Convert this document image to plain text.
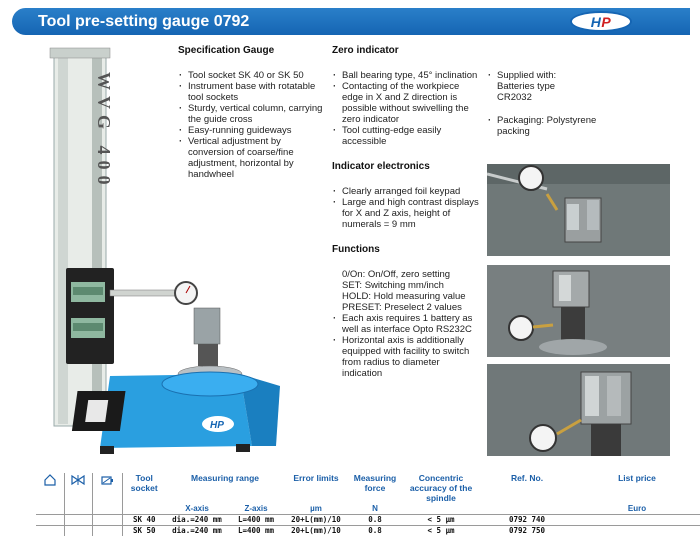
Tool pre-setting gauge 0792	H P
WVG 400
HP
Specification Gauge
· Tool socket SK 40 or SK 50
· Instrument base with rotatable tool sockets
· Sturdy, vertical column, carrying the guide cross
· Easy-running guideways
· Vertical adjustment by conversion of coarse/fine adjustment, horizontal by handwheel
Zero indicator
· Ball bearing type, 45° inclination
· Contacting of the workpiece edge in X and Z direction is possible without swivelling the zero indicator
· Tool cutting-edge easily accessible
Indicator electronics
· Clearly arranged foil keypad
· Large and high contrast displays for X and Z axis, height of numerals = 9 mm
Functions
0/On: On/Off, zero setting
SET: Switching mm/inch
HOLD: Hold measuring value
PRESET: Preselect 2 values
· Each axis requires 1 battery as well as interface Opto RS232C
· Horizontal axis is additionally equipped with facility to switch from radius to diameter indication
· Supplied with: Batteries type CR2032
· Packaging: Polystyrene packing
			Tool socket	Measuring range		Error limits	Measuring force	Concentric accuracy of the spindle	Ref. No.	List price
				X-axis	Z-axis	µm	N			Euro
			SK 40	dia.=240 mm	L=400 mm	20+L(mm)/10	0.8	< 5 µm	0792 740	
			SK 50	dia.=240 mm	L=400 mm	20+L(mm)/10	0.8	< 5 µm	0792 750	
